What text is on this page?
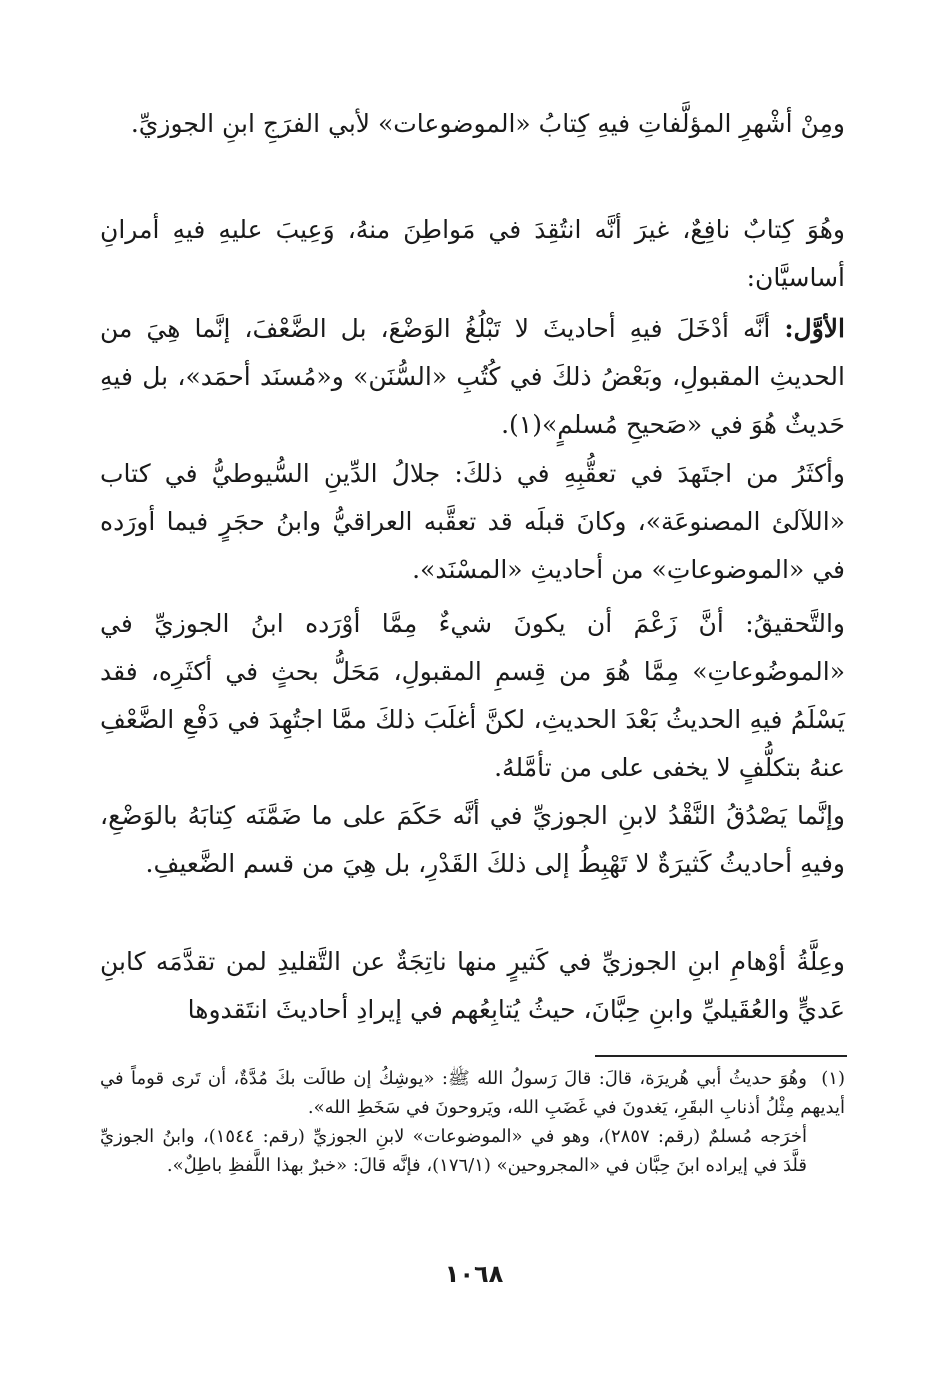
ومِنْ أشْهرِ المؤلَّفاتِ فيهِ كِتابُ «الموضوعات» لأبي الفرَجِ ابنِ الجوزيِّ.

وهُوَ كِتابٌ نافِعٌ، غيرَ أنَّه انتُقِدَ في مَواطِنَ منهُ، وَعِيبَ عليهِ فيهِ أمرانِ أساسيَّان:

الأوَّل: أنَّه أدْخَلَ فيهِ أحاديثَ لا تَبْلُغُ الوَضْعَ، بل الضَّعْفَ، إنَّما هِيَ من الحديثِ المقبولِ، وبَعْضُ ذلكَ في كُتُبِ «السُّنَن» و«مُسنَد أحمَد»، بل فيهِ حَديثٌ هُوَ في «صَحيحِ مُسلمٍ»(١).

وأكثَرُ من اجتَهدَ في تعقُّبِهِ في ذلكَ: جلالُ الدِّينِ السُّيوطيُّ في كتاب «اللآلئ المصنوعَة»، وكانَ قبلَه قد تعقَّبه العراقيُّ وابنُ حجَرٍ فيما أورَده في «الموضوعاتِ» من أحاديثِ «المسْنَد».

والتَّحقيقُ: أنَّ زَعْمَ أن يكونَ شيءٌ مِمَّا أوْرَده ابنُ الجوزيِّ في «الموضُوعاتِ» مِمَّا هُوَ من قِسمِ المقبولِ، مَحَلُّ بحثٍ في أكثَرِه، فقد يَسْلَمُ فيهِ الحديثُ بَعْدَ الحديثِ، لكنَّ أغلَبَ ذلكَ ممَّا اجتُهِدَ في دَفْعِ الضَّعْفِ عنهُ بتكلُّفٍ لا يخفى على من تأمَّلهُ.

وإنَّما يَصْدُقُ النَّقْدُ لابنِ الجوزيِّ في أنَّه حَكَمَ على ما ضَمَّنَه كِتابَهُ بالوَضْعِ، وفيهِ أحاديثُ كَثيرَةٌ لا تَهْبِطُ إلى ذلكَ القَدْرِ، بل هِيَ من قسم الضَّعيفِ.

وعِلَّةُ أوْهامِ ابنِ الجوزيِّ في كَثيرٍ منها ناتِجَةٌ عن التَّقليدِ لمن تقدَّمَه كابنِ عَديٍّ والعُقَيليِّ وابنِ حِبَّانَ، حيثُ يُتابِعُهم في إيرادِ أحاديثَ انتَقدوها

(١)وهُوَ حديثُ أبي هُريرَة، قالَ: قالَ رَسولُ الله ﷺ: «يوشِكُ إن طالَت بكَ مُدَّةٌ، أن تَرى قوماً في أيديهم مِثْلُ أذنابِ البقَرِ، يَغدونَ في غَضَبِ الله، ويَروحونَ في سَخَطِ الله».

أخرَجه مُسلمٌ (رقم: ٢٨٥٧)، وهو في «الموضوعات» لابنِ الجوزيِّ (رقم: ١٥٤٤)، وابنُ الجوزيِّ قلَّدَ في إيراده ابنَ حِبَّان في «المجروحين» (١٧٦/١)، فإنَّه قالَ: «خبرٌ بهذا اللَّفظِ باطِلٌ».

١٠٦٨
